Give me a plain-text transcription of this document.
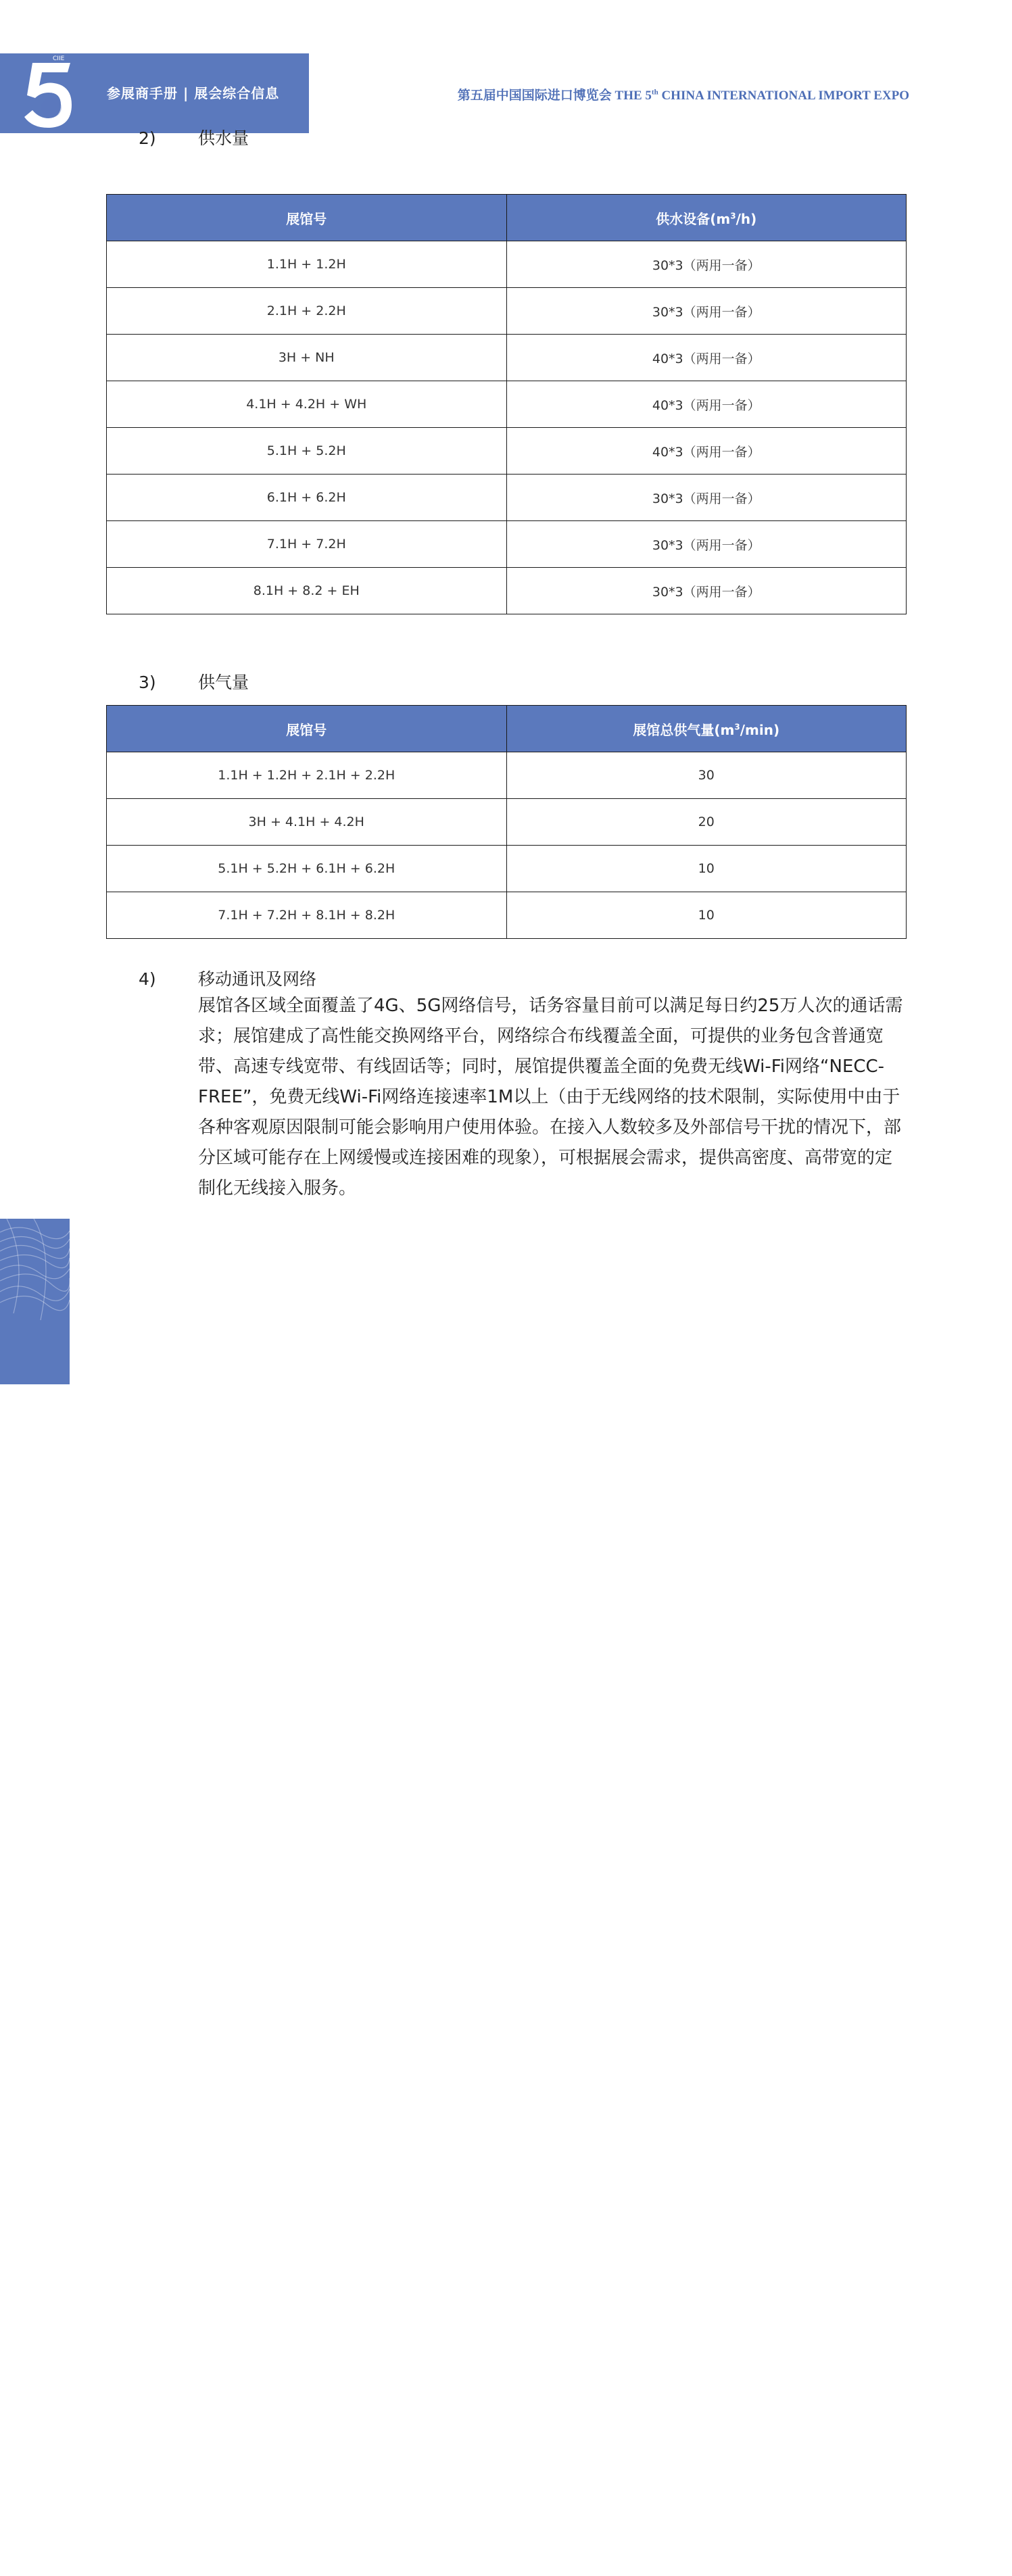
CIIE
参展商手册 | 展会综合信息	第五届中国国际进口博览会 THE 5th CHINA INTERNATIONAL IMPORT EXPO
2) 供水量
展馆号	供水设备$(m^3/h)$
1.1H + 1.2H	30*3（两用一备）
2.1H + 2.2H	30*3（两用一备）
3H + NH	40*3（两用一备）
4.1H + 4.2H + WH	40*3（两用一备）
5.1H + 5.2H	40*3（两用一备）
6.1H + 6.2H	30*3（两用一备）
7.1H + 7.2H	30*3（两用一备）
8.1H + 8.2 + EH	30*3（两用一备）
3) 供气量
展馆号	展馆总供气量$(m^3/\min)$
1.1H + 1.2H + 2.1H + 2.2H	30
3H + 4.1H + 4.2H	20
5.1H + 5.2H + 6.1H + 6.2H	10
7.1H + 7.2H + 8.1H + 8.2H	10
4) 移动通讯及网络

展馆各区域全面覆盖了4G、5G网络信号，话务容量目前可以满足每日约25万人次的通话需求；展馆建成了高性能交换网络平台，网络综合布线覆盖全面，可提供的业务包含普通宽带、高速专线宽带、有线固话等；同时，展馆提供覆盖全面的免费无线Wi-Fi网络“NECC-FREE”，免费无线Wi-Fi网络连接速率1M以上（由于无线网络的技术限制，实际使用中由于各种客观原因限制可能会影响用户使用体验。在接入人数较多及外部信号干扰的情况下，部分区域可能存在上网缓慢或连接困难的现象），可根据展会需求，提供高密度、高带宽的定制化无线接入服务。

16
